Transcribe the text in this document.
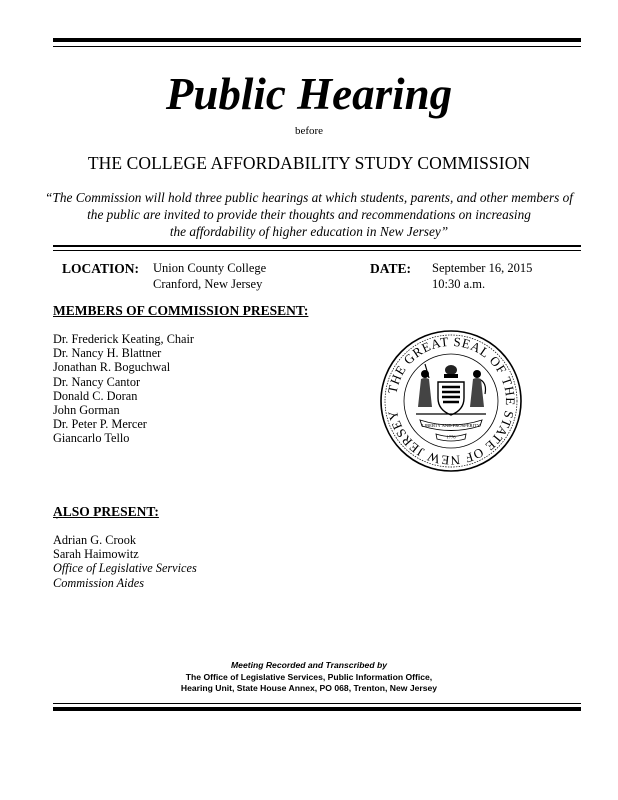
Public Hearing
before
THE COLLEGE AFFORDABILITY STUDY COMMISSION
“The Commission will hold three public hearings at which students, parents, and other members of
the public are invited to provide their thoughts and recommendations on increasing
the affordability of higher education in New Jersey”
LOCATION: Union County College
Cranford, New Jersey
DATE: September 16, 2015
10:30 a.m.
MEMBERS OF COMMISSION PRESENT:
Dr. Frederick Keating, Chair
Dr. Nancy H. Blattner
Jonathan R. Boguchwal
Dr. Nancy Cantor
Donald C. Doran
John Gorman
Dr. Peter P. Mercer
Giancarlo Tello
THE GREAT SEAL OF THE STATE OF NEW JERSEY
LIBERTY AND PROSPERITY
1776
ALSO PRESENT:
`
Adrian G. Crook
Sarah Haimowitz
Office of Legislative Services
Commission Aides
Meeting Recorded and Transcribed by
The Office of Legislative Services, Public Information Office,
Hearing Unit, State House Annex, PO 068, Trenton, New Jersey
